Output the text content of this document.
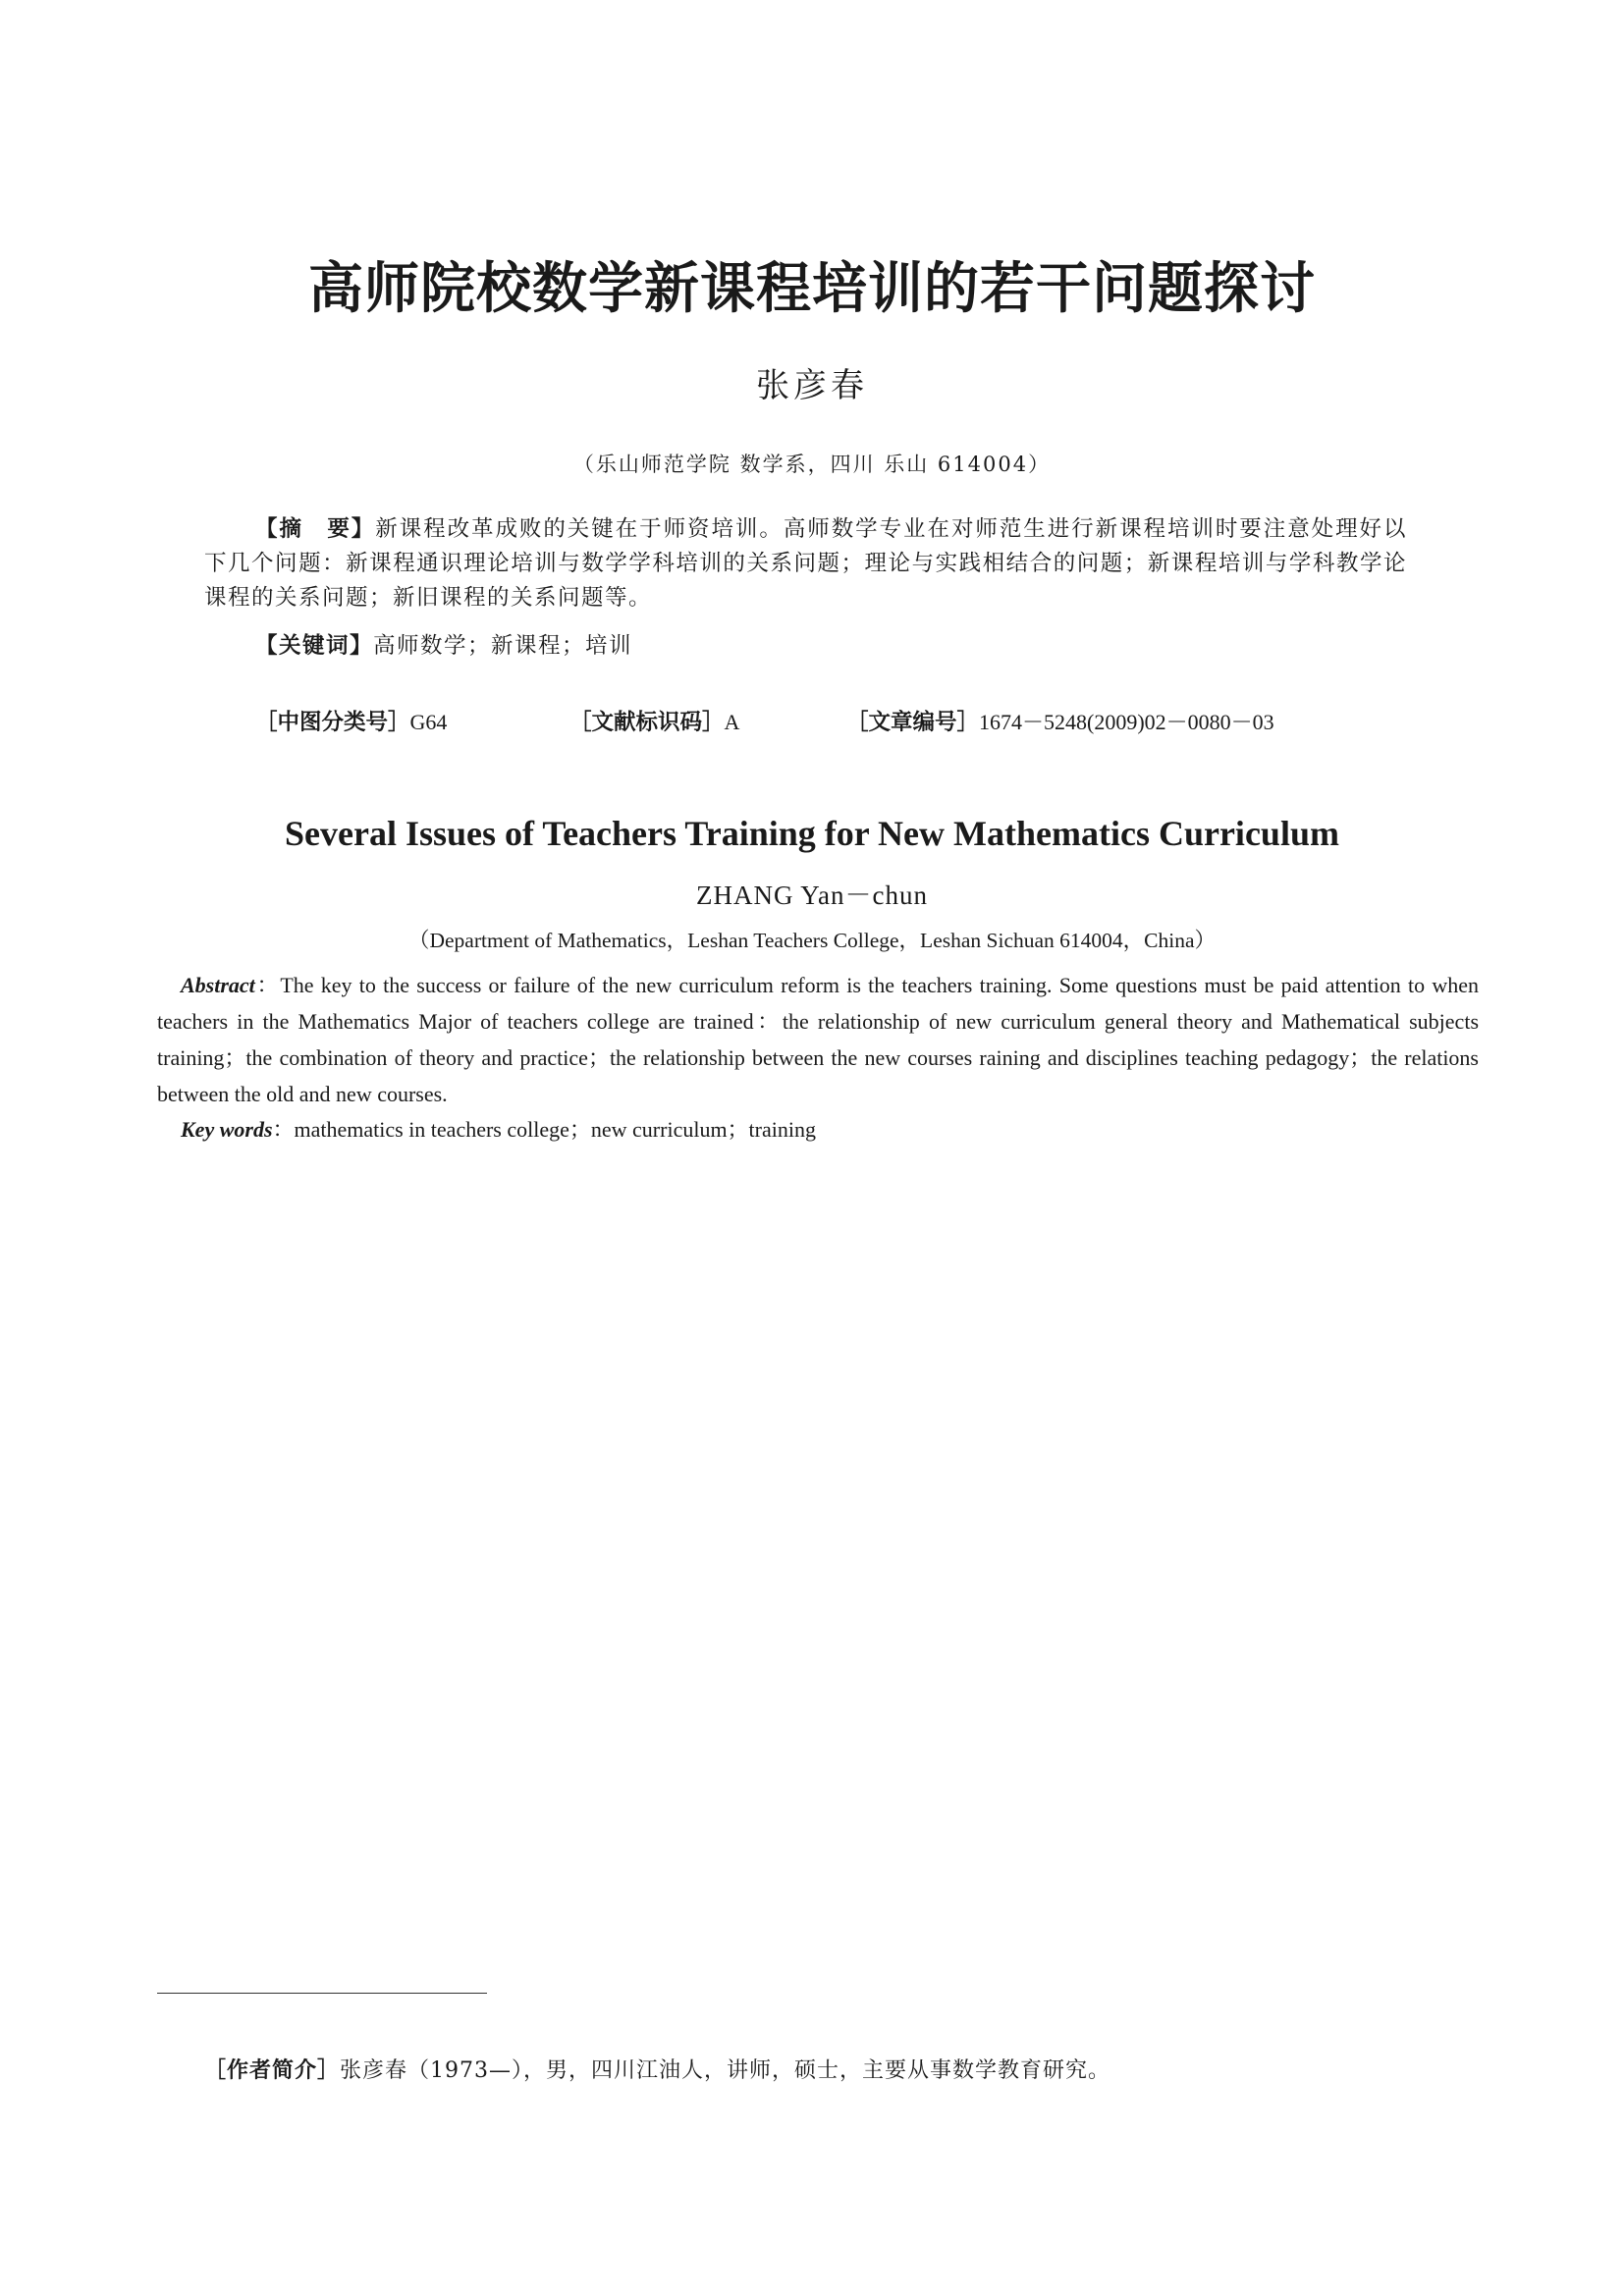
高师院校数学新课程培训的若干问题探讨
张彦春
（乐山师范学院 数学系，四川 乐山 614004）

【摘　要】新课程改革成败的关键在于师资培训。高师数学专业在对师范生进行新课程培训时要注意处理好以下几个问题：新课程通识理论培训与数学学科培训的关系问题；理论与实践相结合的问题；新课程培训与学科教学论课程的关系问题；新旧课程的关系问题等。

【关键词】高师数学；新课程；培训
［中图分类号］G64	［文献标识码］A	［文章编号］1674－5248(2009)02－0080－03
Several Issues of Teachers Training for New Mathematics Curriculum
ZHANG Yan－chun
（Department of Mathematics，Leshan Teachers College，Leshan Sichuan 614004，China）

Abstract：The key to the success or failure of the new curriculum reform is the teachers training. Some questions must be paid attention to when teachers in the Mathematics Major of teachers college are trained：the relationship of new curriculum general theory and Mathematical subjects training；the combination of theory and practice；the relationship between the new courses raining and disciplines teaching pedagogy；the relations between the old and new courses.

Key words：mathematics in teachers college；new curriculum；training
［作者简介］张彦春（1973—），男，四川江油人，讲师，硕士，主要从事数学教育研究。
